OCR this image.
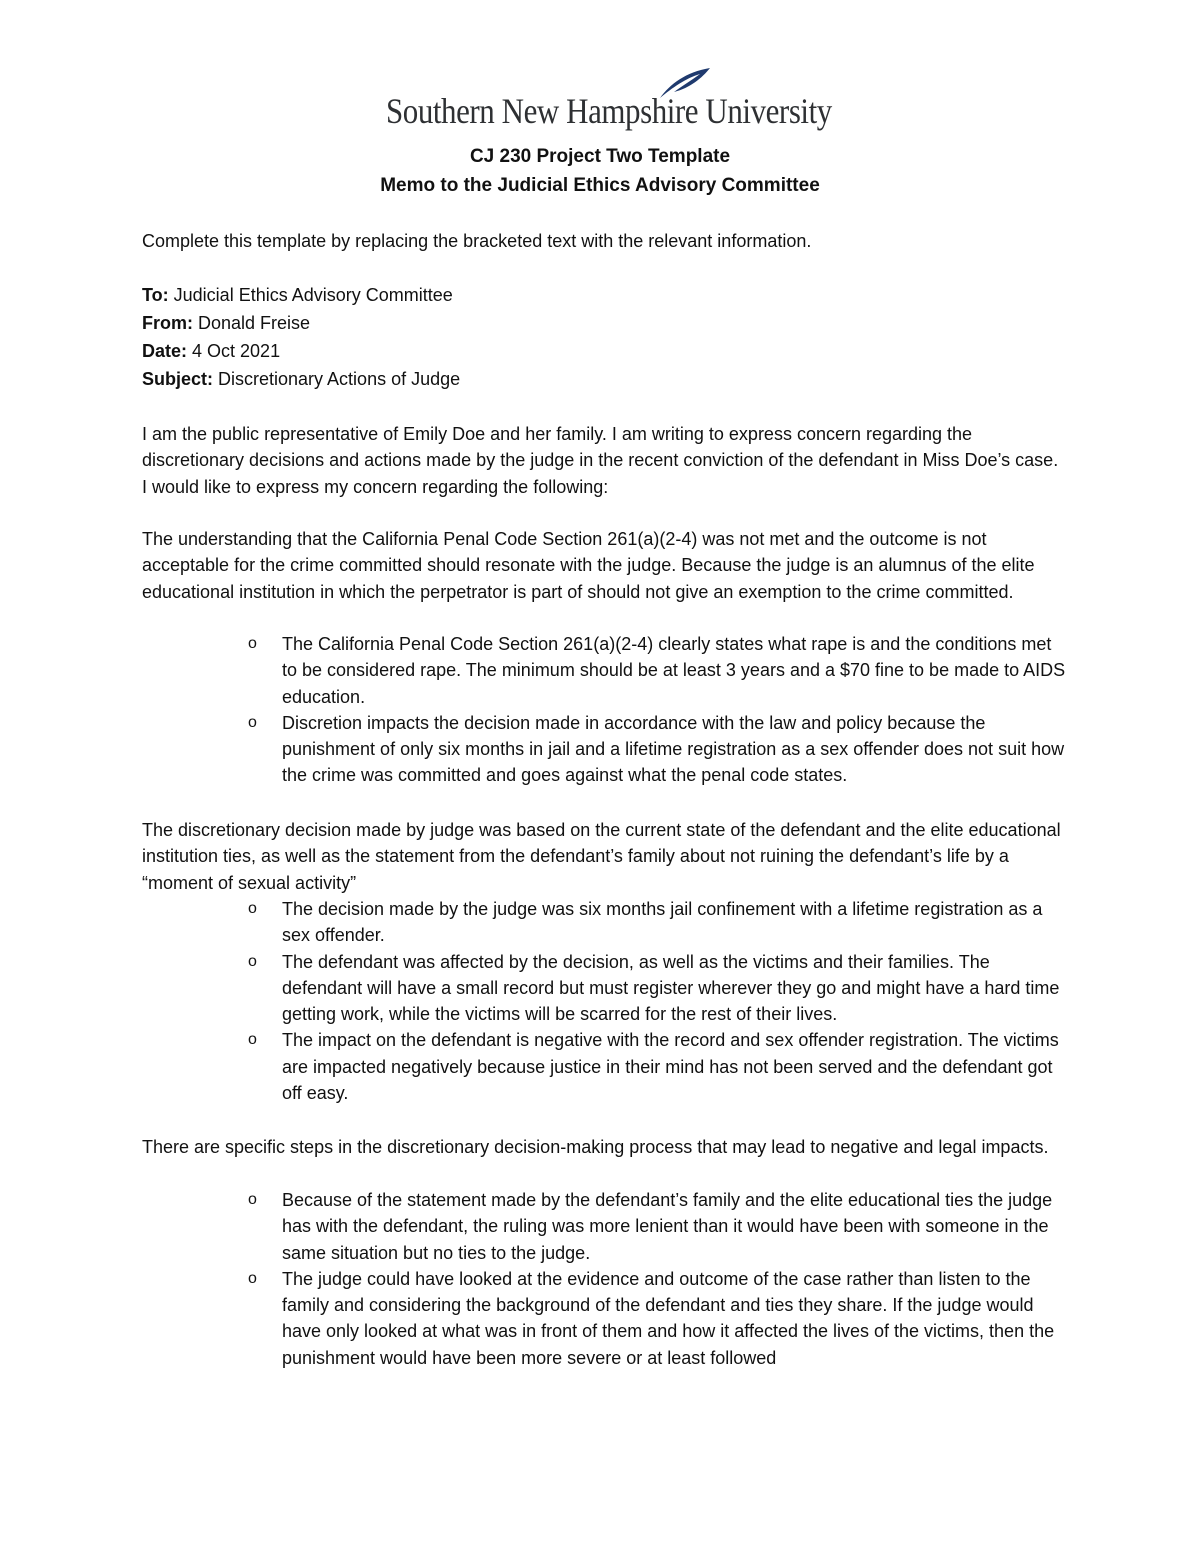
Southern New Hampshire University
CJ 230 Project Two Template
Memo to the Judicial Ethics Advisory Committee
Complete this template by replacing the bracketed text with the relevant information.
To: Judicial Ethics Advisory Committee
From: Donald Freise
Date: 4 Oct 2021
Subject: Discretionary Actions of Judge
I am the public representative of Emily Doe and her family. I am writing to express concern regarding the discretionary decisions and actions made by the judge in the recent conviction of the defendant in Miss Doe’s case. I would like to express my concern regarding the following:
The understanding that the California Penal Code Section 261(a)(2-4) was not met and the outcome is not acceptable for the crime committed should resonate with the judge. Because the judge is an alumnus of the elite educational institution in which the perpetrator is part of should not give an exemption to the crime committed.
o The California Penal Code Section 261(a)(2-4) clearly states what rape is and the conditions met to be considered rape. The minimum should be at least 3 years and a $70 fine to be made to AIDS education.
o Discretion impacts the decision made in accordance with the law and policy because the punishment of only six months in jail and a lifetime registration as a sex offender does not suit how the crime was committed and goes against what the penal code states.
The discretionary decision made by judge was based on the current state of the defendant and the elite educational institution ties, as well as the statement from the defendant’s family about not ruining the defendant’s life by a “moment of sexual activity”
o The decision made by the judge was six months jail confinement with a lifetime registration as a sex offender.
o The defendant was affected by the decision, as well as the victims and their families. The defendant will have a small record but must register wherever they go and might have a hard time getting work, while the victims will be scarred for the rest of their lives.
o The impact on the defendant is negative with the record and sex offender registration. The victims are impacted negatively because justice in their mind has not been served and the defendant got off easy.
There are specific steps in the discretionary decision-making process that may lead to negative and legal impacts.
o Because of the statement made by the defendant’s family and the elite educational ties the judge has with the defendant, the ruling was more lenient than it would have been with someone in the same situation but no ties to the judge.
o The judge could have looked at the evidence and outcome of the case rather than listen to the family and considering the background of the defendant and ties they share. If the judge would have only looked at what was in front of them and how it affected the lives of the victims, then the punishment would have been more severe or at least followed
